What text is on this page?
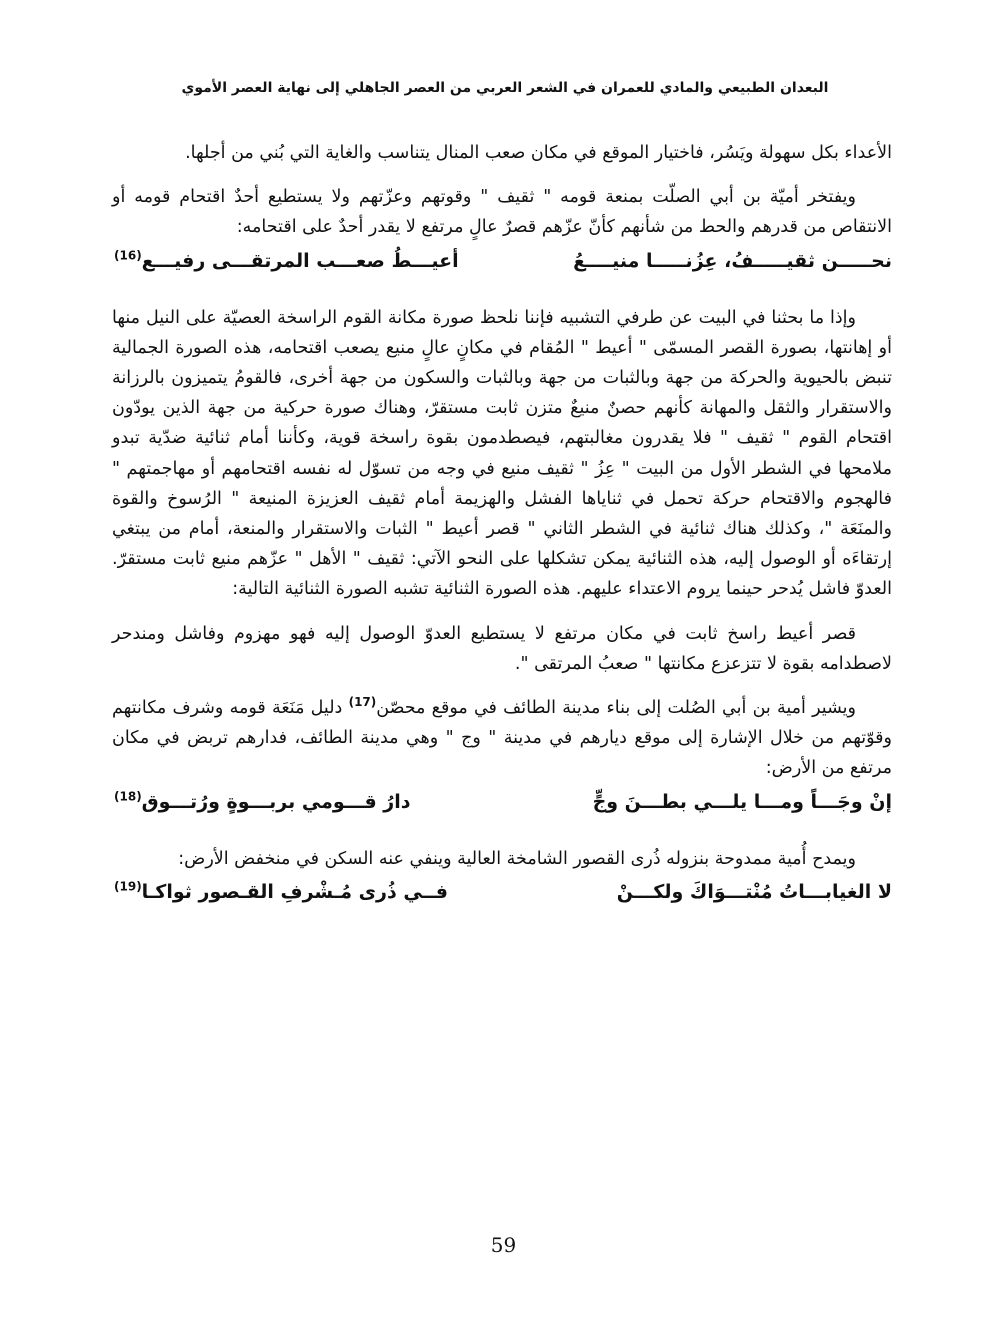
البعدان الطبيعي والمادي للعمران في الشعر العربي من العصر الجاهلي إلى نهاية العصر الأموي

الأعداء بكل سهولة ويَسُر، فاختيار الموقع في مكان صعب المنال يتناسب والغاية التي بُني من أجلها.

ويفتخر أميّة بن أبي الصلّت بمنعة قومه " ثقيف " وقوتهم وعزّتهم ولا يستطيع أحدٌ اقتحام قومه أو الانتقاص من قدرهم والحط من شأنهم كأنّ عزّهم قصرٌ عالٍ مرتفع لا يقدر أحدٌ على اقتحامه:

نحـــــن ثقيـــــفُ، عِزُنـــــا منيــــعُ
أعيـــطُ صعـــب المرتقـــى رفيـــع$^{(16)}$

وإذا ما بحثنا في البيت عن طرفي التشبيه فإننا نلحظ صورة مكانة القوم الراسخة العصيّة على النيل منها أو إهانتها، بصورة القصر المسمّى " أعيط " المُقام في مكانٍ عالٍ منيع يصعب اقتحامه، هذه الصورة الجمالية تنبض بالحيوية والحركة من جهة وبالثبات من جهة وبالثبات والسكون من جهة أخرى، فالقومُ يتميزون بالرزانة والاستقرار والثقل والمهانة كأنهم حصنٌ منيعٌ متزن ثابت مستقرّ، وهناك صورة حركية من جهة الذين يودّون اقتحام القوم " ثقيف " فلا يقدرون مغالبتهم، فيصطدمون بقوة راسخة قوية، وكأننا أمام ثنائية ضدّية تبدو ملامحها في الشطر الأول من البيت " عِزُ " ثقيف منيع في وجه من تسوّل له نفسه اقتحامهم أو مهاجمتهم " فالهجوم والاقتحام حركة تحمل في ثناياها الفشل والهزيمة أمام ثقيف العزيزة المنيعة " الرُسوخ والقوة والمنَعَة "، وكذلك هناك ثنائية في الشطر الثاني " قصر أعيط " الثبات والاستقرار والمنعة، أمام من يبتغي إرتقاءَه أو الوصول إليه، هذه الثنائية يمكن تشكلها على النحو الآتي: ثقيف " الأهل " عزّهم منيع ثابت مستقرّ. العدوّ فاشل يُدحر حينما يروم الاعتداء عليهم. هذه الصورة الثنائية تشبه الصورة الثنائية التالية:

قصر أعيط راسخ ثابت في مكان مرتفع لا يستطيع العدوّ الوصول إليه فهو مهزوم وفاشل ومندحر لاصطدامه بقوة لا تتزعزع مكانتها " صعبُ المرتقى ".

ويشير أمية بن أبي الصُلت إلى بناء مدينة الطائف في موقع محصّن$^{(17)}$ دليل مَنَعَة قومه وشرف مكانتهم وقوّتهم من خلال الإشارة إلى موقع ديارهم في مدينة " وج " وهي مدينة الطائف، فدارهم تربض في مكان مرتفع من الأرض:

إنْ وجَـــاً ومـــا يلـــي بطـــنَ وجٍّ
دارُ قـــومي بربـــوةٍ ورُتـــوق$^{(18)}$

ويمدح أُمية ممدوحة بنزوله ذُرى القصور الشامخة العالية وينفي عنه السكن في منخفض الأرض:

لا الغيابـــاتُ مُنْتـــوَاكَ ولكـــنْ
فــي ذُرى مُـشْرفِ القـصور ثواكـا$^{(19)}$
59
